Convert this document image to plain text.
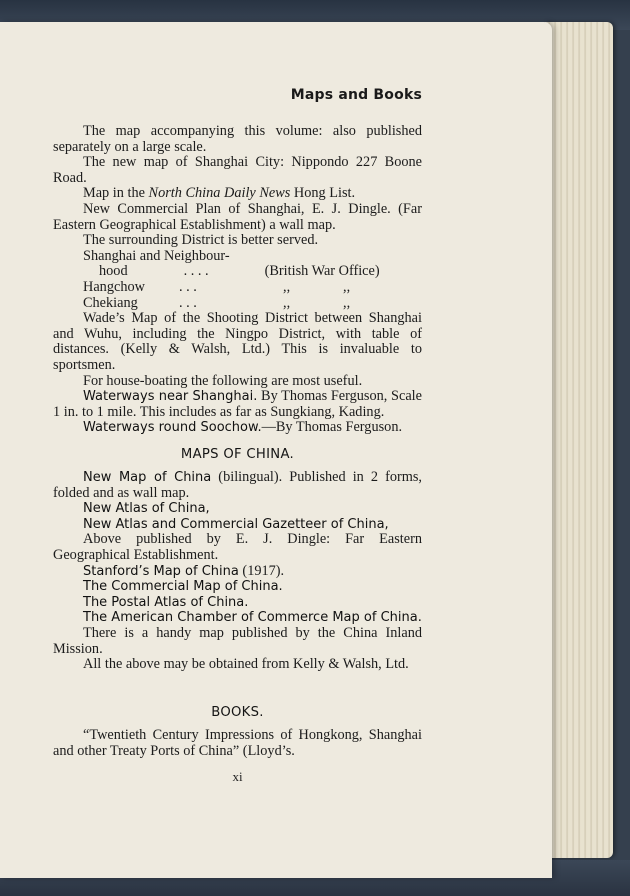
Maps and Books

The map accompanying this volume: also published separately on a large scale.

The new map of Shanghai City: Nippondo 227 Boone Road.

Map in the North China Daily News Hong List.

New Commercial Plan of Shanghai, E. J. Dingle. (Far Eastern Geographical Establishment) a wall map.

The surrounding District is better served.

Shanghai and Neighbour-

hood	. . . .	(British War Office)

Hangchow . . .	,,	,,

Chekiang	. . .	,,	,,

Wade’s Map of the Shooting District between Shanghai and Wuhu, including the Ningpo District, with table of distances. (Kelly & Walsh, Ltd.) This is invaluable to sportsmen.

For house-boating the following are most useful.

Waterways near Shanghai. By Thomas Ferguson, Scale 1 in. to 1 mile. This includes as far as Sungkiang, Kading.

Waterways round Soochow.—By Thomas Ferguson.

MAPS OF CHINA.

New Map of China (bilingual). Published in 2 forms, folded and as wall map.

New Atlas of China,

New Atlas and Commercial Gazetteer of China,

Above published by E. J. Dingle: Far Eastern Geographical Establishment.

Stanford’s Map of China (1917).

The Commercial Map of China.

The Postal Atlas of China.

The American Chamber of Commerce Map of China.

There is a handy map published by the China Inland Mission.

All the above may be obtained from Kelly & Walsh, Ltd.

BOOKS.

“Twentieth Century Impressions of Hongkong, Shanghai and other Treaty Ports of China” (Lloyd’s.

xi
